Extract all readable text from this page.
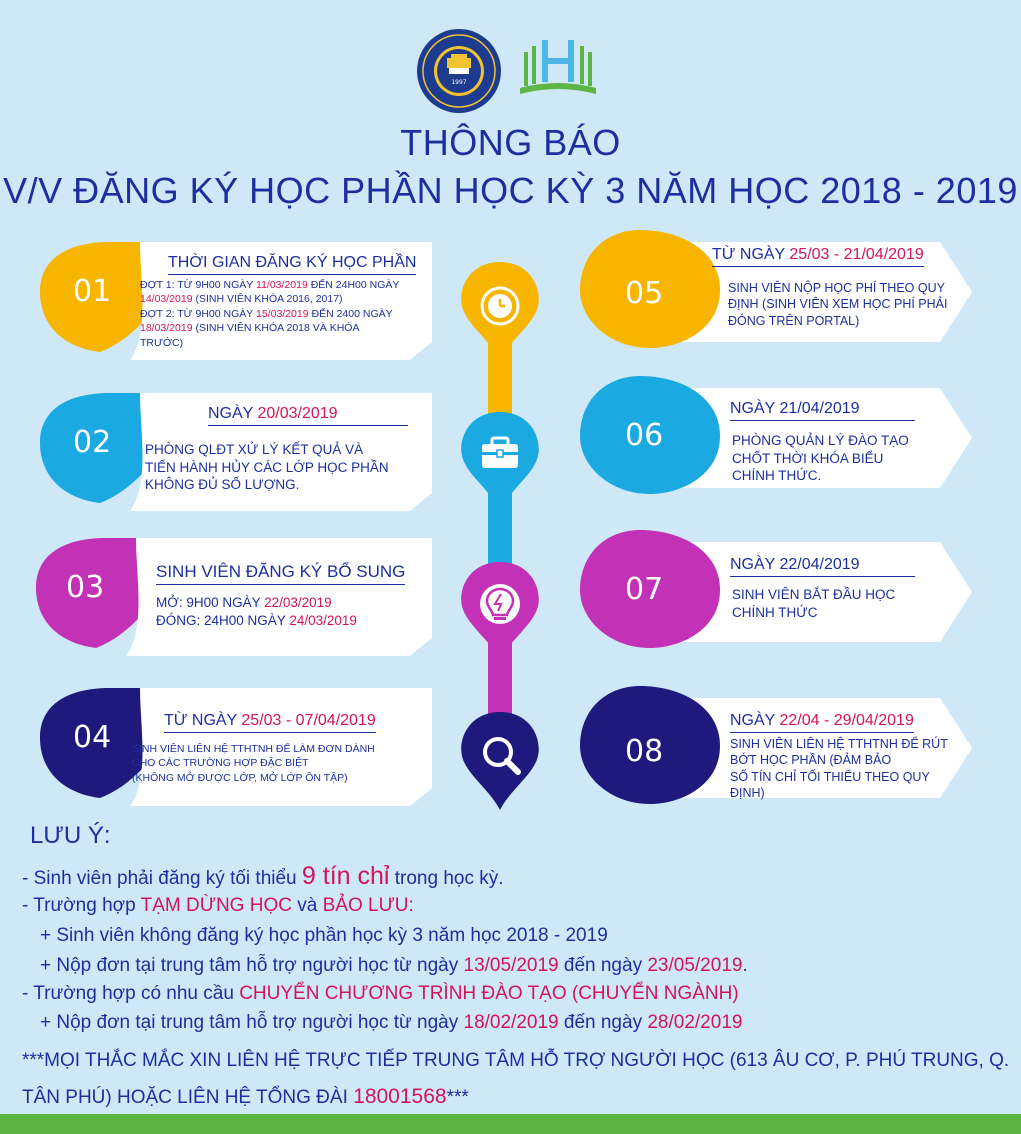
1997
THÔNG BÁO
V/V ĐĂNG KÝ HỌC PHẦN HỌC KỲ 3 NĂM HỌC 2018 - 2019
01
THỜI GIAN ĐĂNG KÝ HỌC PHẦN
ĐỢT 1: TỪ 9H00 NGÀY 11/03/2019 ĐẾN 24H00 NGÀY
14/03/2019 (SINH VIÊN KHÓA 2016, 2017)
ĐỢT 2: TỪ 9H00 NGÀY 15/03/2019 ĐẾN 2400 NGÀY
18/03/2019 (SINH VIÊN KHÓA 2018 VÀ KHÓA
TRƯỚC)
02
NGÀY 20/03/2019
PHÒNG QLĐT XỬ LÝ KẾT QUẢ VÀ
TIẾN HÀNH HỦY CÁC LỚP HỌC PHẦN
KHÔNG ĐỦ SỐ LƯỢNG.
03	SINH VIÊN ĐĂNG KÝ BỔ SUNG
MỞ: 9H00 NGÀY 22/03/2019
ĐÓNG: 24H00 NGÀY 24/03/2019
04	TỪ NGÀY 25/03 - 07/04/2019
SINH VIÊN LIÊN HỆ TTHTNH ĐỂ LÀM ĐƠN DÀNH
CHO CÁC TRƯỜNG HỢP ĐẶC BIỆT
(KHÔNG MỞ ĐƯỢC LỚP, MỞ LỚP ÔN TẬP)
05
TỪ NGÀY 25/03 - 21/04/2019
SINH VIÊN NỘP HỌC PHÍ THEO QUY
ĐỊNH (SINH VIÊN XEM HỌC PHÍ PHẢI
ĐÓNG TRÊN PORTAL)
06
NGÀY 21/04/2019
PHÒNG QUẢN LÝ ĐÀO TẠO
CHỐT THỜI KHÓA BIỂU
CHÍNH THỨC.
07
NGÀY 22/04/2019
SINH VIÊN BẮT ĐẦU HỌC
CHÍNH THỨC
08
NGÀY 22/04 - 29/04/2019
SINH VIÊN LIÊN HỆ TTHTNH ĐỂ RÚT
BỚT HỌC PHẦN (ĐẢM BẢO
SỐ TÍN CHỈ TỐI THIỂU THEO QUY
ĐỊNH)
LƯU Ý:
- Sinh viên phải đăng ký tối thiểu 9 tín chỉ trong học kỳ.
- Trường hợp TẠM DỪNG HỌC và BẢO LƯU:
+ Sinh viên không đăng ký học phần học kỳ 3 năm học 2018 - 2019
+ Nộp đơn tại trung tâm hỗ trợ người học từ ngày 13/05/2019 đến ngày 23/05/2019.
- Trường hợp có nhu cầu CHUYỂN CHƯƠNG TRÌNH ĐÀO TẠO (CHUYỂN NGÀNH)
+ Nộp đơn tại trung tâm hỗ trợ người học từ ngày 18/02/2019 đến ngày 28/02/2019
***MỌI THẮC MẮC XIN LIÊN HỆ TRỰC TIẾP TRUNG TÂM HỖ TRỢ NGƯỜI HỌC (613 ÂU CƠ, P. PHÚ TRUNG, Q. TÂN PHÚ) HOẶC LIÊN HỆ TỔNG ĐÀI 18001568***
